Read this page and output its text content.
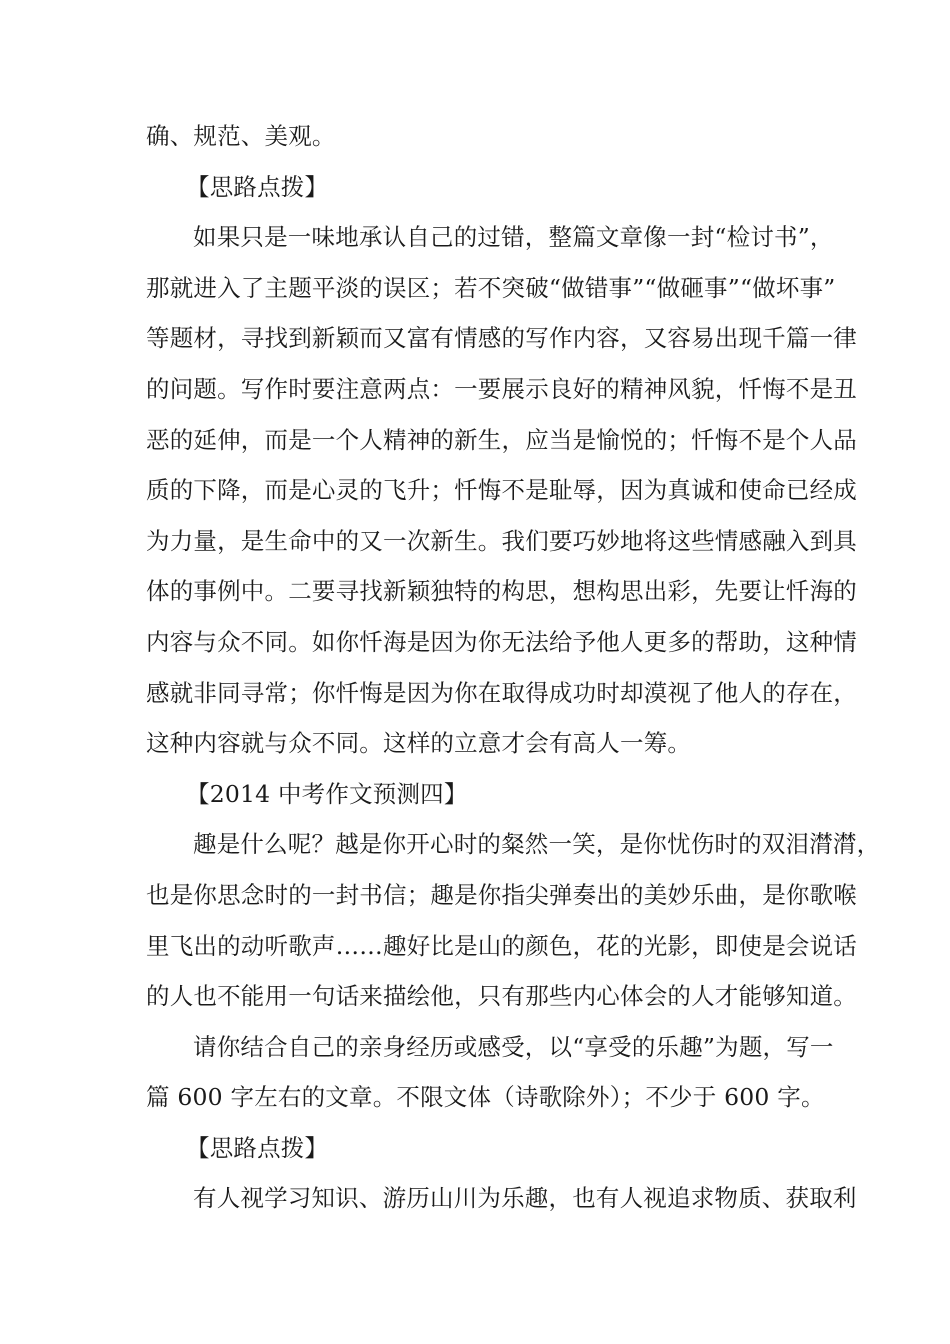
确、规范、美观。
【思路点拨】
如果只是一味地承认自己的过错，整篇文章像一封“检讨书”，
那就进入了主题平淡的误区；若不突破“做错事”“做砸事”“做坏事”
等题材，寻找到新颖而又富有情感的写作内容，又容易出现千篇一律
的问题。写作时要注意两点：一要展示良好的精神风貌，忏悔不是丑
恶的延伸，而是一个人精神的新生，应当是愉悦的；忏悔不是个人品
质的下降，而是心灵的飞升；忏悔不是耻辱，因为真诚和使命已经成
为力量，是生命中的又一次新生。我们要巧妙地将这些情感融入到具
体的事例中。二要寻找新颖独特的构思，想构思出彩，先要让忏海的
内容与众不同。如你忏海是因为你无法给予他人更多的帮助，这种情
感就非同寻常；你忏悔是因为你在取得成功时却漠视了他人的存在，
这种内容就与众不同。这样的立意才会有高人一筹。
【2014 中考作文预测四】
趣是什么呢？越是你开心时的粲然一笑，是你忧伤时的双泪潸潸，
也是你思念时的一封书信；趣是你指尖弹奏出的美妙乐曲，是你歌喉
里飞出的动听歌声……趣好比是山的颜色，花的光影，即使是会说话
的人也不能用一句话来描绘他，只有那些内心体会的人才能够知道。
请你结合自己的亲身经历或感受，以“享受的乐趣”为题，写一
篇 600 字左右的文章。不限文体（诗歌除外）；不少于 600 字。
【思路点拨】
有人视学习知识、游历山川为乐趣，也有人视追求物质、获取利
